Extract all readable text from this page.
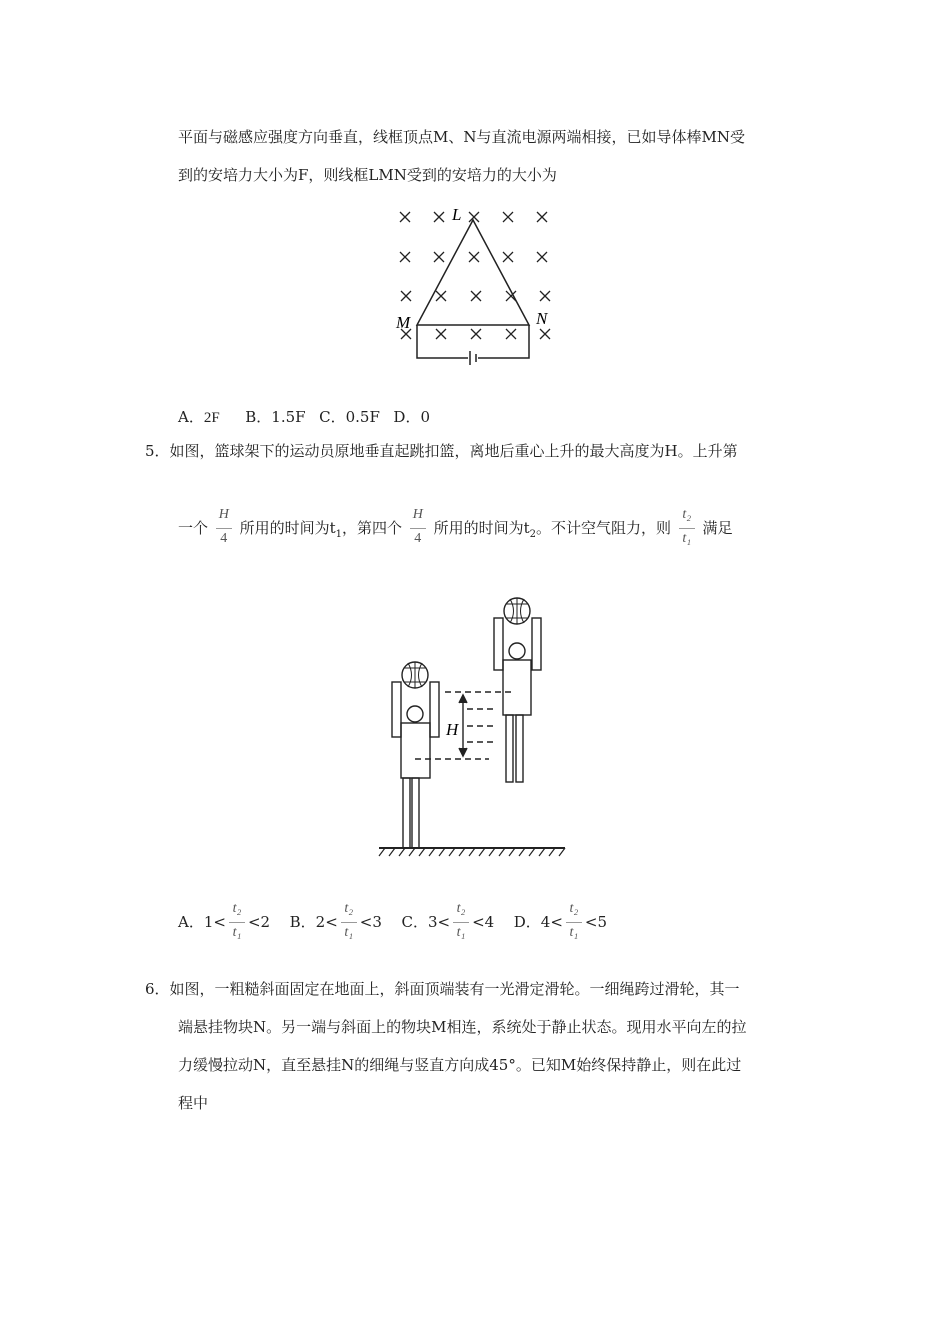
平面与磁感应强度方向垂直，线框顶点M、N与直流电源两端相接，已如导体棒MN受
到的安培力大小为F，则线框LMN受到的安培力的大小为
L
M	N
A．2F B．1.5F C．0.5F D．0
5．如图，篮球架下的运动员原地垂直起跳扣篮，离地后重心上升的最大高度为H。上升第
一个 $\frac{H}{4}$ 所用的时间为$t_1$，第四个 $\frac{H}{4}$ 所用的时间为$t_2$。不计空气阻力，则 $\frac{\text{t₂}}{\text{t₁}}$ 满足
H
A．$1< \frac{\text{t₂}}{\text{t₁}} <2$ B．$2< \frac{\text{t₂}}{\text{t₁}} <3$ C．$3< \frac{\text{t₂}}{\text{t₁}} <4$ D．$4< \frac{\text{t₂}}{\text{t₁}} <5$
6．如图，一粗糙斜面固定在地面上，斜面顶端装有一光滑定滑轮。一细绳跨过滑轮，其一
端悬挂物块N。另一端与斜面上的物块M相连，系统处于静止状态。现用水平向左的拉
力缓慢拉动N，直至悬挂N的细绳与竖直方向成45°。已知M始终保持静止，则在此过
程中
